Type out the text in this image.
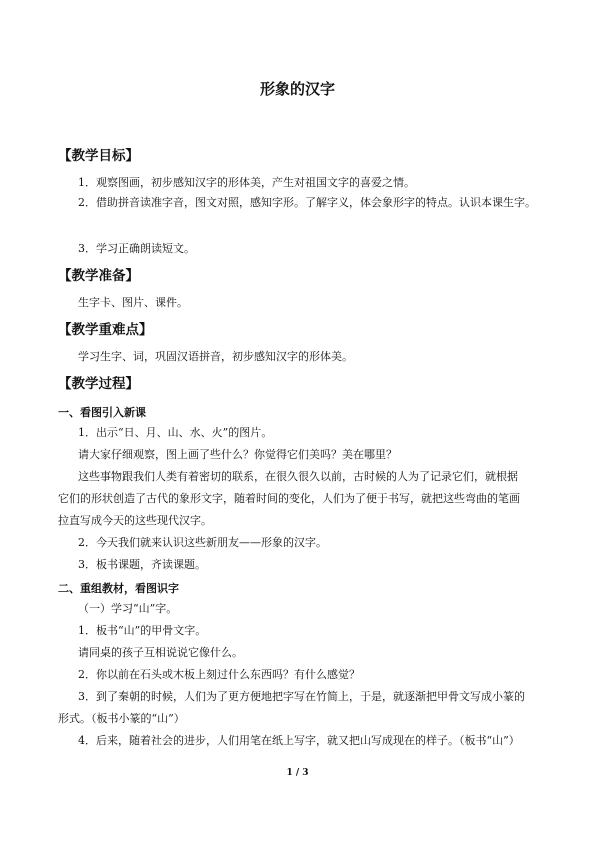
形象的汉字
【教学目标】
1．观察图画，初步感知汉字的形体美，产生对祖国文字的喜爱之情。
2．借助拼音读准字音，图文对照，感知字形。了解字义，体会象形字的特点。认识本课生字。
3．学习正确朗读短文。
【教学准备】
生字卡、图片、课件。
【教学重难点】
学习生字、词，巩固汉语拼音，初步感知汉字的形体美。
【教学过程】
一、看图引入新课
1．出示“日、月、山、水、火”的图片。
请大家仔细观察，图上画了些什么？你觉得它们美吗？美在哪里？
这些事物跟我们人类有着密切的联系，在很久很久以前，古时候的人为了记录它们，就根据它们的形状创造了古代的象形文字，随着时间的变化，人们为了便于书写，就把这些弯曲的笔画拉直写成今天的这些现代汉字。
2．今天我们就来认识这些新朋友——形象的汉字。
3．板书课题，齐读课题。
二、重组教材，看图识字
（一）学习“山”字。
1．板书“山”的甲骨文字。
请同桌的孩子互相说说它像什么。
2．你以前在石头或木板上刻过什么东西吗？有什么感觉？
3．到了秦朝的时候，人们为了更方便地把字写在竹简上，于是，就逐渐把甲骨文写成小篆的形式。（板书小篆的“山”）
4．后来，随着社会的进步，人们用笔在纸上写字，就又把山写成现在的样子。（板书“山”）
1 / 3
